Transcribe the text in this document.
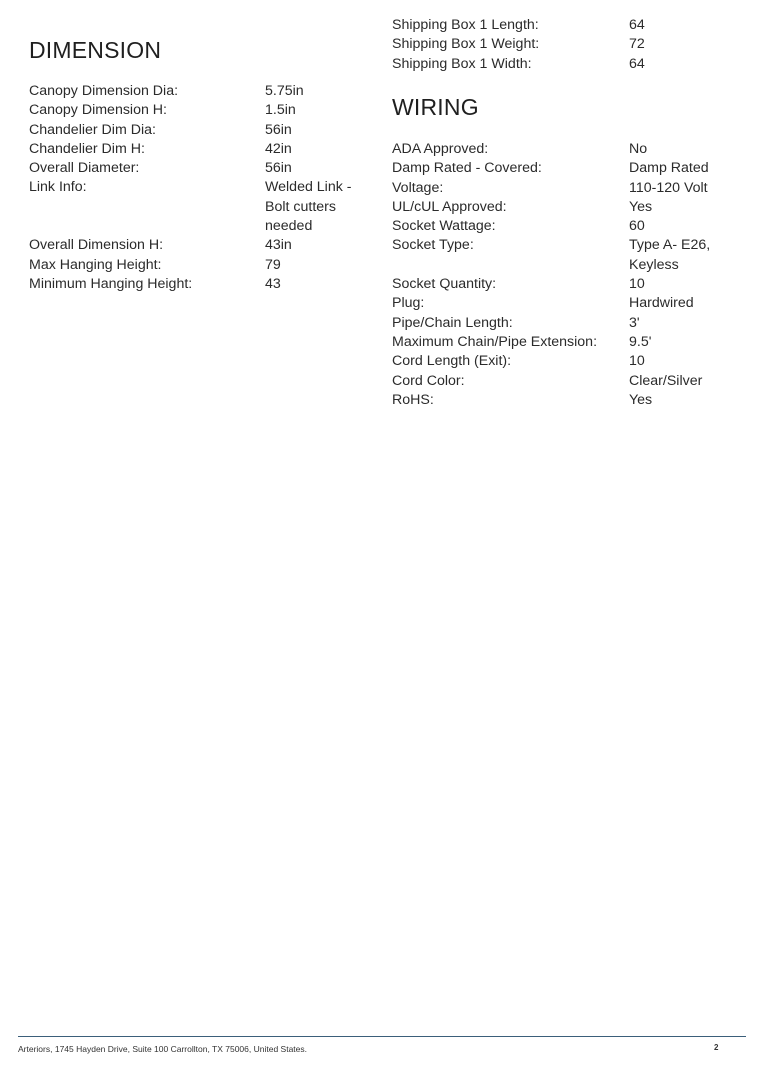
DIMENSION
Canopy Dimension Dia:	5.75in
Canopy Dimension H:	1.5in
Chandelier Dim Dia:	56in
Chandelier Dim H:	42in
Overall Diameter:	56in
Link Info:	Welded Link - Bolt cutters needed
Overall Dimension H:	43in
Max Hanging Height:	79
Minimum Hanging Height:	43
Shipping Box 1 Length:	64
Shipping Box 1 Weight:	72
Shipping Box 1 Width:	64
WIRING
ADA Approved:	No
Damp Rated - Covered:	Damp Rated
Voltage:	110-120 Volt
UL/cUL Approved:	Yes
Socket Wattage:	60
Socket Type:	Type A- E26, Keyless
Socket Quantity:	10
Plug:	Hardwired
Pipe/Chain Length:	3'
Maximum Chain/Pipe Extension:	9.5'
Cord Length (Exit):	10
Cord Color:	Clear/Silver
RoHS:	Yes
Arteriors, 1745 Hayden Drive, Suite 100 Carrollton, TX 75006, United States.	2
